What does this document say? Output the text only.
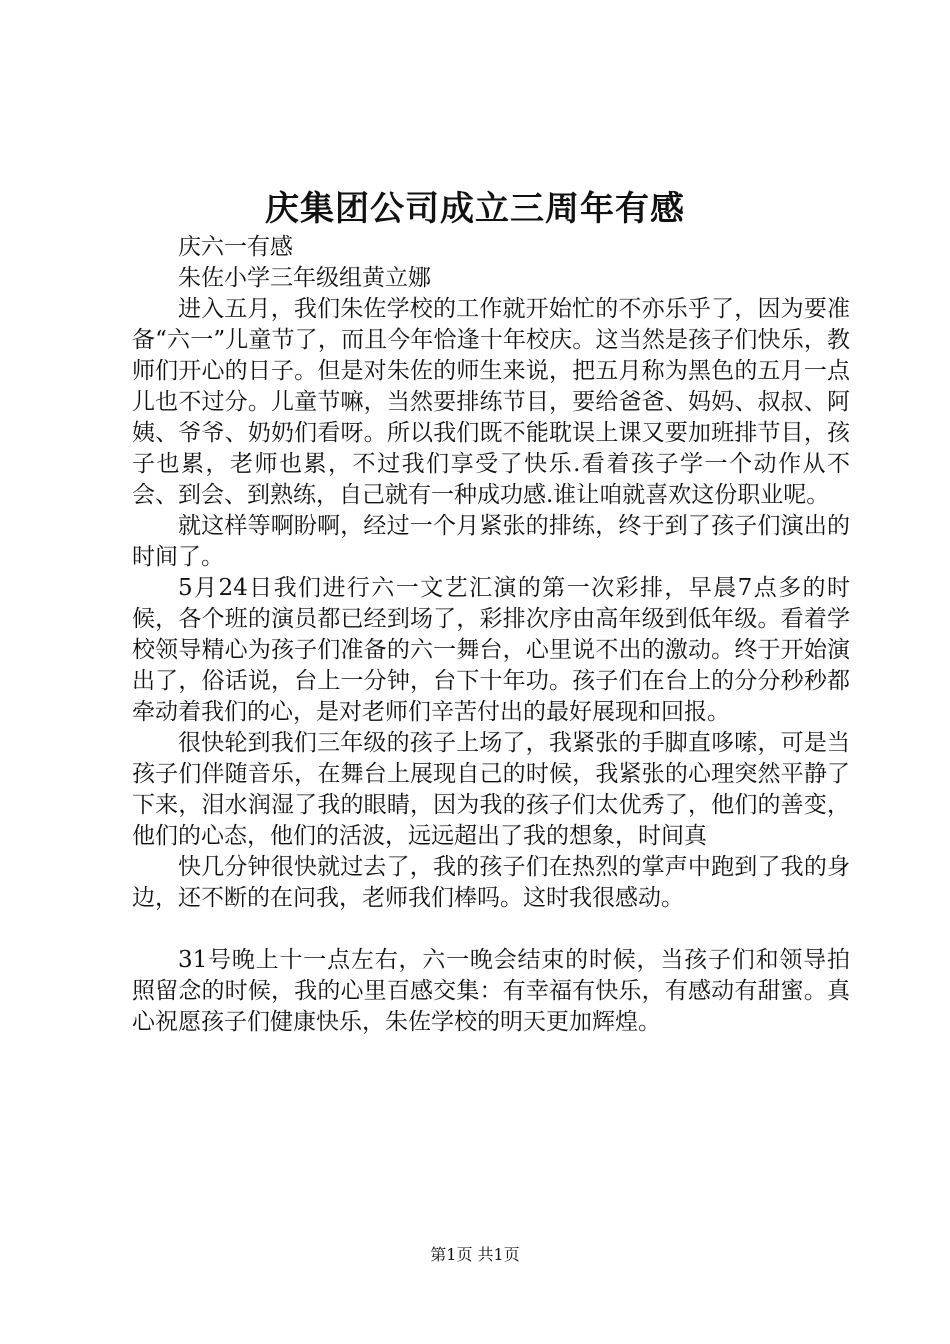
庆集团公司成立三周年有感

庆六一有感

朱佐小学三年级组黄立娜

进入五月，我们朱佐学校的工作就开始忙的不亦乐乎了，因为要准备“六一”儿童节了，而且今年恰逢十年校庆。这当然是孩子们快乐，教师们开心的日子。但是对朱佐的师生来说，把五月称为黑色的五月一点儿也不过分。儿童节嘛，当然要排练节目，要给爸爸、妈妈、叔叔、阿姨、爷爷、奶奶们看呀。所以我们既不能耽误上课又要加班排节目，孩子也累，老师也累，不过我们享受了快乐.看着孩子学一个动作从不会、到会、到熟练，自己就有一种成功感.谁让咱就喜欢这份职业呢。

就这样等啊盼啊，经过一个月紧张的排练，终于到了孩子们演出的时间了。

5月24日我们进行六一文艺汇演的第一次彩排，早晨7点多的时候，各个班的演员都已经到场了，彩排次序由高年级到低年级。看着学校领导精心为孩子们准备的六一舞台，心里说不出的激动。终于开始演出了，俗话说，台上一分钟，台下十年功。孩子们在台上的分分秒秒都牵动着我们的心，是对老师们辛苦付出的最好展现和回报。

很快轮到我们三年级的孩子上场了，我紧张的手脚直哆嗦，可是当孩子们伴随音乐，在舞台上展现自己的时候，我紧张的心理突然平静了下来，泪水润湿了我的眼睛，因为我的孩子们太优秀了，他们的善变，他们的心态，他们的活波，远远超出了我的想象，时间真

快几分钟很快就过去了，我的孩子们在热烈的掌声中跑到了我的身边，还不断的在问我，老师我们棒吗。这时我很感动。

31号晚上十一点左右，六一晚会结束的时候，当孩子们和领导拍照留念的时候，我的心里百感交集：有幸福有快乐，有感动有甜蜜。真心祝愿孩子们健康快乐，朱佐学校的明天更加辉煌。

第1页 共1页
